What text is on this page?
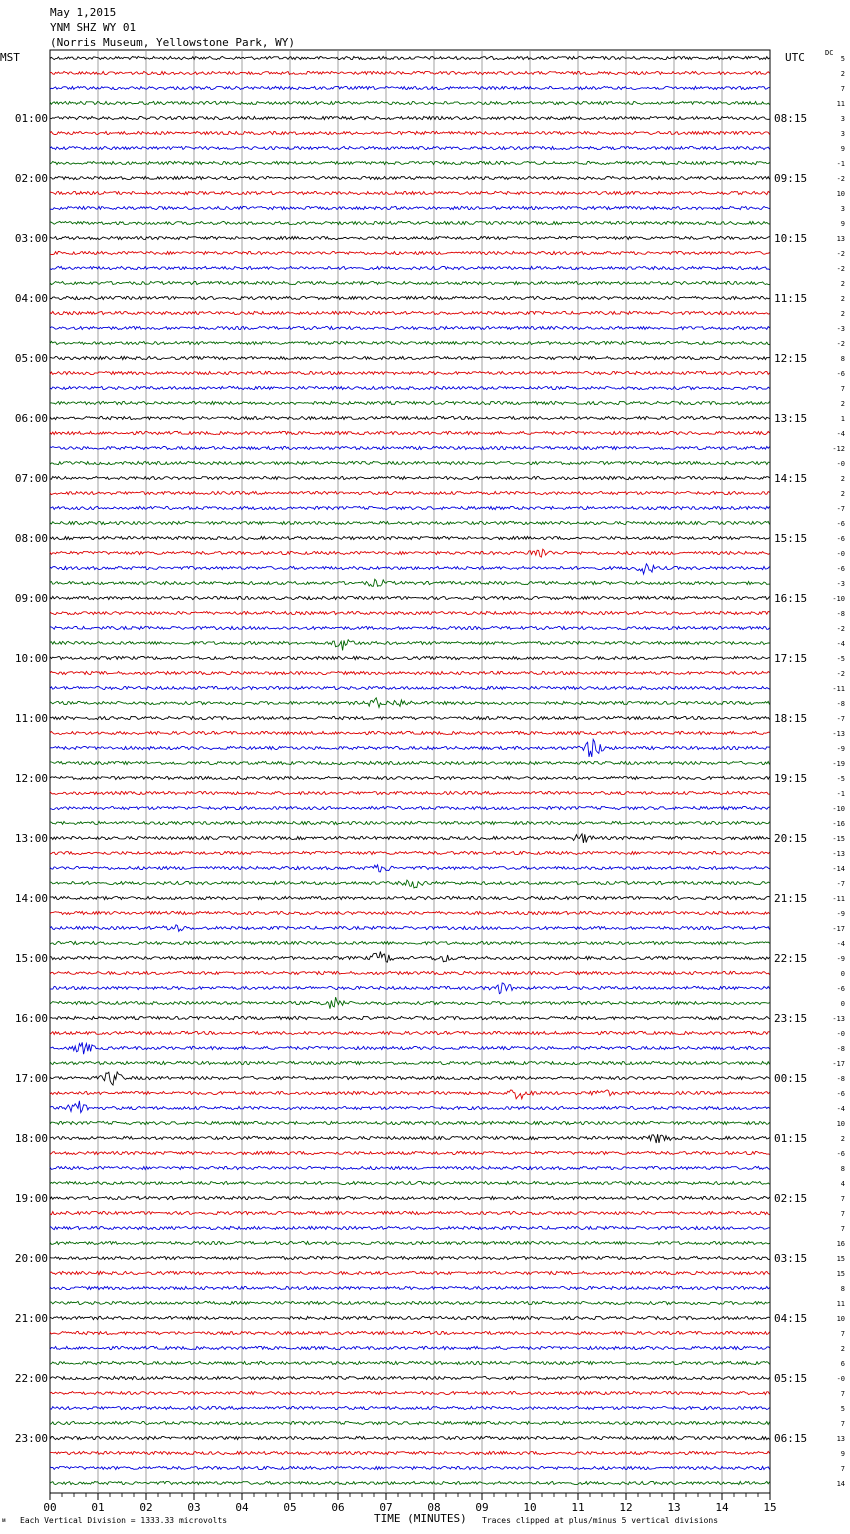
May 1,2015
YNM SHZ WY 01
(Norris Museum, Yellowstone Park, WY)
MST	UTC	DC
00	01	02	03	04	05	06	07	08	09	10	11	12	13	14	15
01:00
02:00
03:00
04:00
05:00
06:00
07:00
08:00
09:00
10:00
11:00
12:00
13:00
14:00
15:00
16:00
17:00
18:00
19:00
20:00
21:00
22:00
23:00
08:15
09:15
10:15
11:15
12:15
13:15
14:15
15:15
16:15
17:15
18:15
19:15
20:15
21:15
22:15
23:15
00:15
01:15
02:15
03:15
04:15
05:15
06:15
5
2
7
11
3
3
9
-1
-2
10
3
9
13
-2
-2
2
2
2
-3
-2
8
-6
7
2
1
-4
-12
-0
2
2
-7
-6
-6
-0
-6
-3
-10
-8
-2
-4
-5
-2
-11
-8
-7
-13
-9
-19
-5
-1
-10
-16
-15
-13
-14
-7
-11
-9
-17
-4
-9
0
-6
0
-13
-0
-8
-17
-8
-6
-4
10
2
-6
8
4
7
7
7
16
15
15
8
11
10
7
2
6
-0
7
5
7
13
9
7
14
ᴍ Each Vertical Division = 1333.33 microvolts	TIME (MINUTES) Traces clipped at plus/minus 5 vertical divisions
